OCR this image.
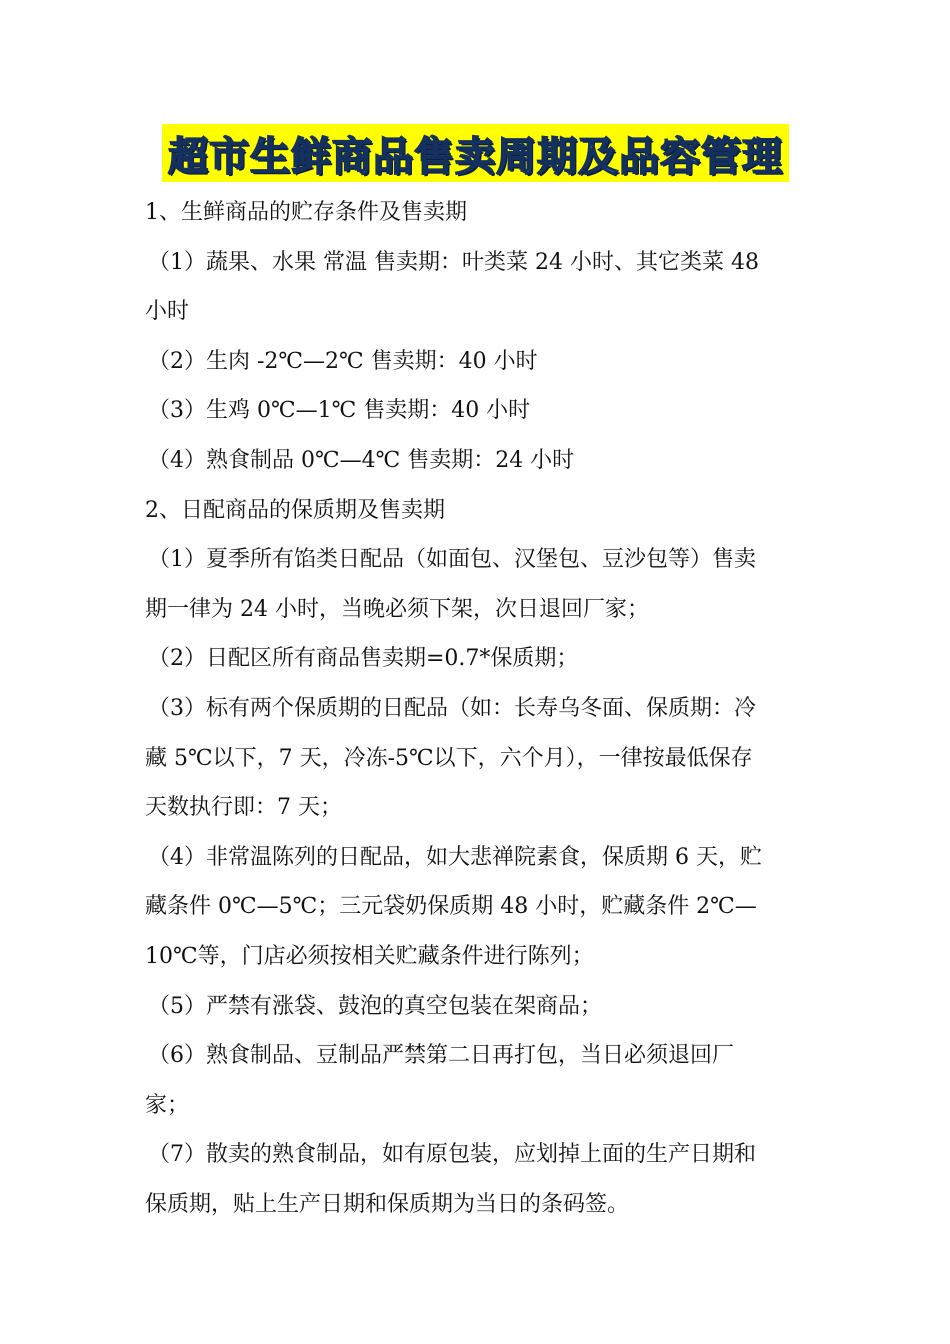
超市生鲜商品售卖周期及品容管理
1、生鲜商品的贮存条件及售卖期
（1）蔬果、水果 常温 售卖期：叶类菜 24 小时、其它类菜 48
小时
（2）生肉 -2℃—2℃ 售卖期：40 小时
（3）生鸡 0℃—1℃ 售卖期：40 小时
（4）熟食制品 0℃—4℃ 售卖期：24 小时
2、日配商品的保质期及售卖期
（1）夏季所有馅类日配品（如面包、汉堡包、豆沙包等）售卖
期一律为 24 小时，当晚必须下架，次日退回厂家；
（2）日配区所有商品售卖期=0.7*保质期；
（3）标有两个保质期的日配品（如：长寿乌冬面、保质期：冷
藏 5℃以下，7 天，冷冻-5℃以下，六个月），一律按最低保存
天数执行即：7 天；
（4）非常温陈列的日配品，如大悲禅院素食，保质期 6 天，贮
藏条件 0℃—5℃；三元袋奶保质期 48 小时，贮藏条件 2℃—
10℃等，门店必须按相关贮藏条件进行陈列；
（5）严禁有涨袋、鼓泡的真空包装在架商品；
（6）熟食制品、豆制品严禁第二日再打包，当日必须退回厂
家；
（7）散卖的熟食制品，如有原包装，应划掉上面的生产日期和
保质期，贴上生产日期和保质期为当日的条码签。
